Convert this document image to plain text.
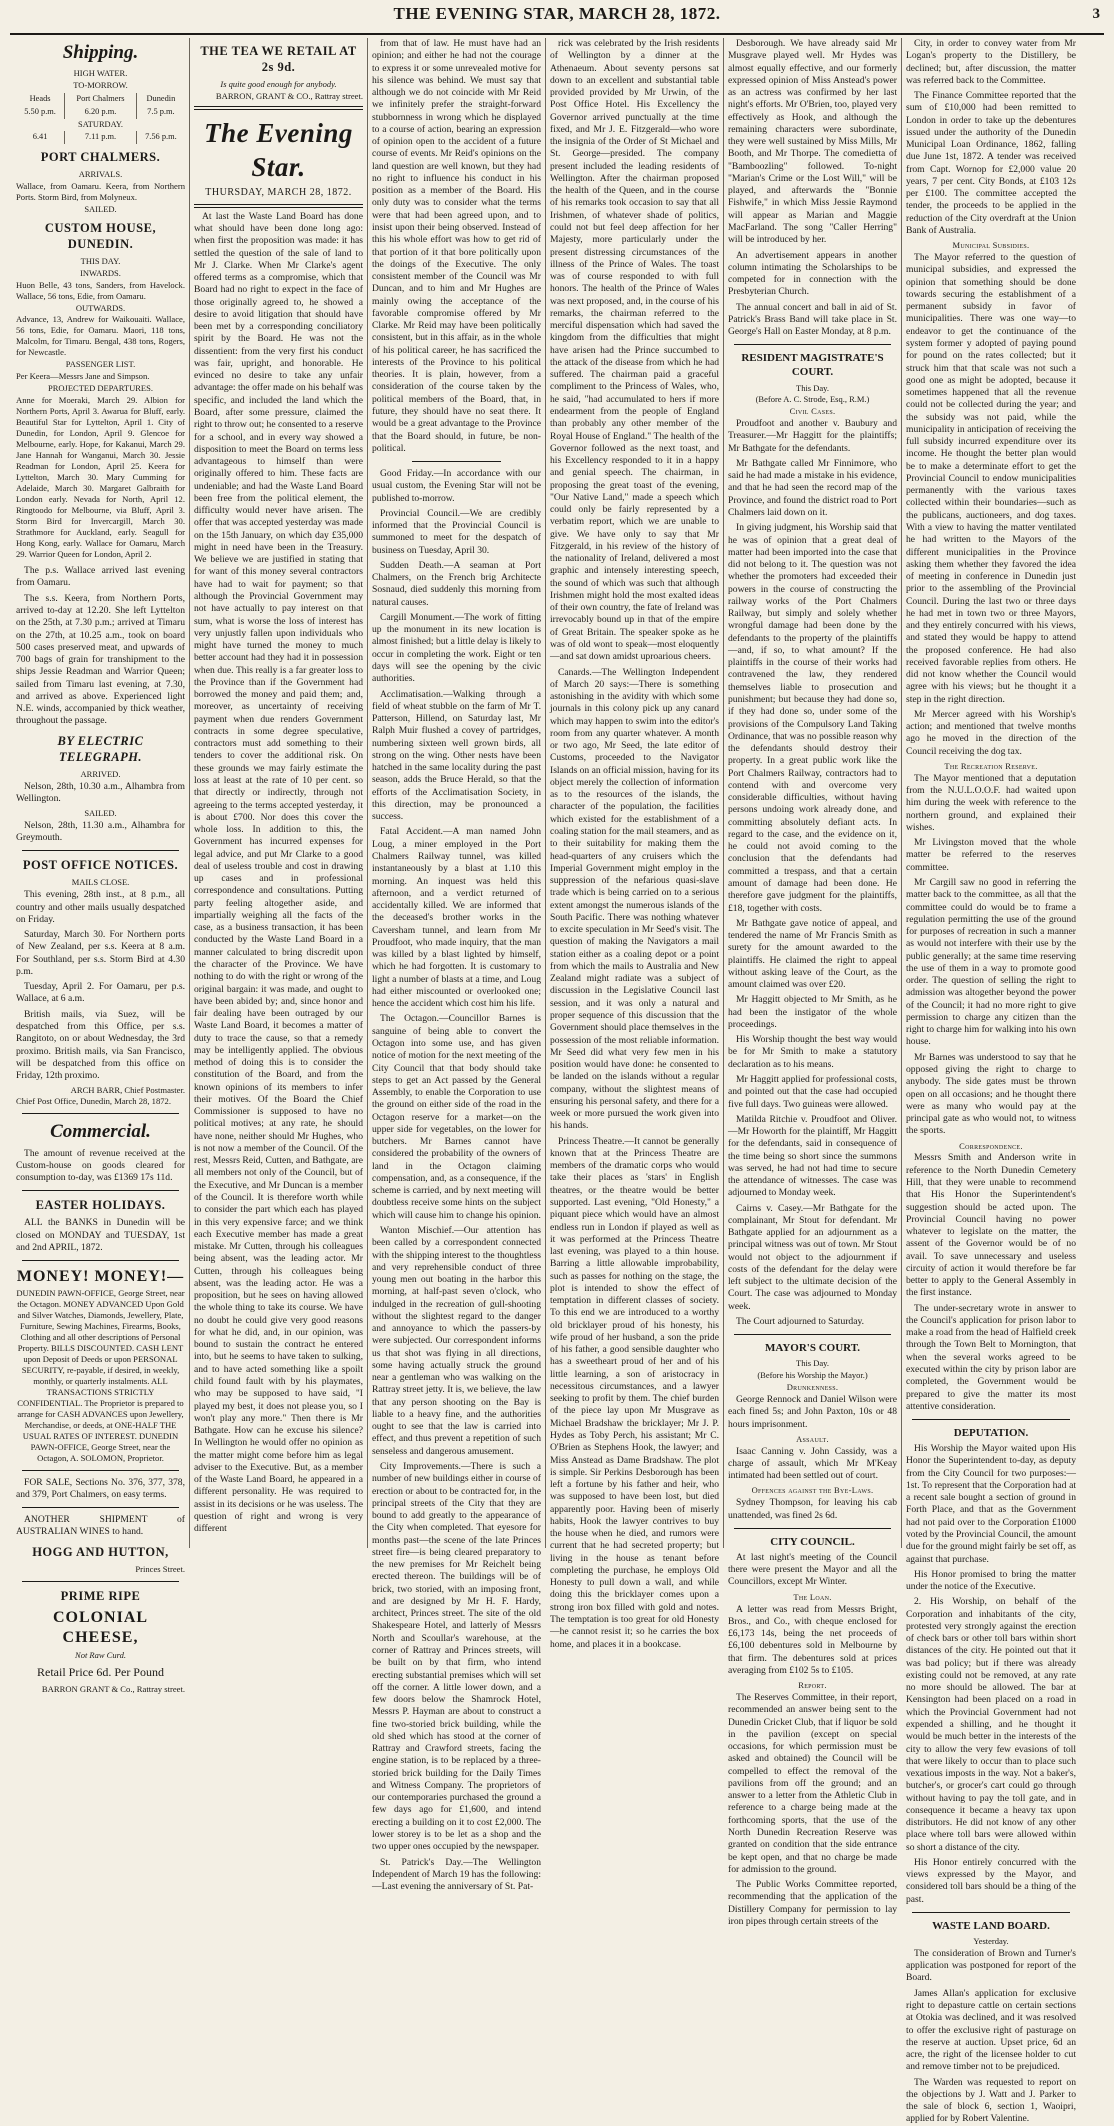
THE EVENING STAR, MARCH 28, 1872.	3
Shipping.
HIGH WATER.
TO-MORROW.
Heads	Port Chalmers	Dunedin
5.50 p.m.	6.20 p.m.	7.5 p.m.
SATURDAY.		
6.41	7.11 p.m.	7.56 p.m.
PORT CHALMERS.
ARRIVALS.
Wallace, from Oamaru. Keera, from Northern Ports. Storm Bird, from Molyneux.
SAILED.
CUSTOM HOUSE, DUNEDIN.
THIS DAY.
INWARDS.
Huon Belle, 43 tons, Sanders, from Havelock. Wallace, 56 tons, Edie, from Oamaru.
OUTWARDS.
Advance, 13, Andrew for Waikouaiti. Wallace, 56 tons, Edie, for Oamaru. Maori, 118 tons, Malcolm, for Timaru. Bengal, 438 tons, Rogers, for Newcastle.
PASSENGER LIST.
Per Keera—Messrs Jane and Simpson.
PROJECTED DEPARTURES.
Anne for Moeraki, March 29. Albion for Northern Ports, April 3. Awarua for Bluff, early. Beautiful Star for Lyttelton, April 1. City of Dunedin, for London, April 9. Glencoe for Melbourne, early. Hope, for Kakanui, March 29. Jane Hannah for Wanganui, March 30. Jessie Readman for London, April 25. Keera for Lyttelton, March 30. Mary Cumming for Adelaide, March 30. Margaret Galbraith for London early. Nevada for North, April 12. Ringtoodo for Melbourne, via Bluff, April 3. Storm Bird for Invercargill, March 30. Strathmore for Auckland, early. Seagull for Hong Kong, early. Wallace for Oamaru, March 29. Warrior Queen for London, April 2.

The p.s. Wallace arrived last evening from Oamaru.

The s.s. Keera, from Northern Ports, arrived to-day at 12.20. She left Lyttelton on the 25th, at 7.30 p.m.; arrived at Timaru on the 27th, at 10.25 a.m., took on board 500 cases preserved meat, and upwards of 700 bags of grain for transhipment to the ships Jessie Readman and Warrior Queen; sailed from Timaru last evening, at 7.30, and arrived as above. Experienced light N.E. winds, accompanied by thick weather, throughout the passage.

BY ELECTRIC TELEGRAPH.
ARRIVED.

Nelson, 28th, 10.30 a.m., Alhambra from Wellington.

SAILED.

Nelson, 28th, 11.30 a.m., Alhambra for Greymouth.

POST OFFICE NOTICES.
MAILS CLOSE.

This evening, 28th inst., at 8 p.m., all country and other mails usually despatched on Friday.

Saturday, March 30. For Northern ports of New Zealand, per s.s. Keera at 8 a.m. For Southland, per s.s. Storm Bird at 4.30 p.m.

Tuesday, April 2. For Oamaru, per p.s. Wallace, at 6 a.m.

British mails, via Suez, will be despatched from this Office, per s.s. Rangitoto, on or about Wednesday, the 3rd proximo. British mails, via San Francisco, will be despatched from this office on Friday, 12th proximo.

ARCH BARR, Chief Postmaster.
Chief Post Office, Dunedin, March 28, 1872.
Commercial.

The amount of revenue received at the Custom-house on goods cleared for consumption to-day, was £1369 17s 11d.

EASTER HOLIDAYS.

ALL the BANKS in Dunedin will be closed on MONDAY and TUESDAY, 1st and 2nd APRIL, 1872.

MONEY! MONEY!—
DUNEDIN PAWN-OFFICE, George Street, near the Octagon. MONEY ADVANCED Upon Gold and Silver Watches, Diamonds, Jewellery, Plate, Furniture, Sewing Machines, Firearms, Books, Clothing and all other descriptions of Personal Property. BILLS DISCOUNTED. CASH LENT upon Deposit of Deeds or upon PERSONAL SECURITY, re-payable, if desired, in weekly, monthly, or quarterly instalments. ALL TRANSACTIONS STRICTLY CONFIDENTIAL. The Proprietor is prepared to arrange for CASH ADVANCES upon Jewellery, Merchandise, or deeds, at ONE-HALF THE USUAL RATES OF INTEREST. DUNEDIN PAWN-OFFICE, George Street, near the Octagon, A. SOLOMON, Proprietor.

FOR SALE, Sections No. 376, 377, 378, and 379, Port Chalmers, on easy terms.

ANOTHER SHIPMENT of AUSTRALIAN WINES to hand.

HOGG AND HUTTON,
Princes Street.
PRIME RIPE
COLONIAL CHEESE,
Not Raw Curd.
Retail Price 6d. Per Pound
BARRON GRANT & Co., Rattray street.
THE TEA WE RETAIL AT 2s 9d.
Is quite good enough for anybody.
BARRON, GRANT & CO., Rattray street.
The Evening Star.
THURSDAY, MARCH 28, 1872.

At last the Waste Land Board has done what should have been done long ago: when first the proposition was made: it has settled the question of the sale of land to Mr J. Clarke. When Mr Clarke's agent offered terms as a compromise, which that Board had no right to expect in the face of those originally agreed to, he showed a desire to avoid litigation that should have been met by a corresponding conciliatory spirit by the Board. He was not the dissentient: from the very first his conduct was fair, upright, and honorable. He evinced no desire to take any unfair advantage: the offer made on his behalf was specific, and included the land which the Board, after some pressure, claimed the right to throw out; he consented to a reserve for a school, and in every way showed a disposition to meet the Board on terms less advantageous to himself than were originally offered to him. These facts are undeniable; and had the Waste Land Board been free from the political element, the difficulty would never have arisen. The offer that was accepted yesterday was made on the 15th January, on which day £35,000 might in need have been in the Treasury. We believe we are justified in stating that for want of this money several contractors have had to wait for payment; so that although the Provincial Government may not have actually to pay interest on that sum, what is worse the loss of interest has very unjustly fallen upon individuals who might have turned the money to much better account had they had it in possession when due. This really is a far greater loss to the Province than if the Government had borrowed the money and paid them; and, moreover, as uncertainty of receiving payment when due renders Government contracts in some degree speculative, contractors must add something to their tenders to cover the additional risk. On these grounds we may fairly estimate the loss at least at the rate of 10 per cent. so that directly or indirectly, through not agreeing to the terms accepted yesterday, it is about £700. Nor does this cover the whole loss. In addition to this, the Government has incurred expenses for legal advice, and put Mr Clarke to a good deal of useless trouble and cost in drawing up cases and in professional correspondence and consultations. Putting party feeling altogether aside, and impartially weighing all the facts of the case, as a business transaction, it has been conducted by the Waste Land Board in a manner calculated to bring discredit upon the character of the Province. We have nothing to do with the right or wrong of the original bargain: it was made, and ought to have been abided by; and, since honor and fair dealing have been outraged by our Waste Land Board, it becomes a matter of duty to trace the cause, so that a remedy may be intelligently applied. The obvious method of doing this is to consider the constitution of the Board, and from the known opinions of its members to infer their motives. Of the Board the Chief Commissioner is supposed to have no political motives; at any rate, he should have none, neither should Mr Hughes, who is not now a member of the Council. Of the rest, Messrs Reid, Cutten, and Bathgate, are all members not only of the Council, but of the Executive, and Mr Duncan is a member of the Council. It is therefore worth while to consider the part which each has played in this very expensive farce; and we think each Executive member has made a great mistake. Mr Cutten, through his colleagues being absent, was the leading actor. Mr Cutten, through his colleagues being absent, was the leading actor. He was a proposition, but he sees on having allowed the whole thing to take its course. We have no doubt he could give very good reasons for what he did, and, in our opinion, was bound to sustain the contract he entered into, but he seems to have taken to sulking, and to have acted something like a spoilt child found fault with by his playmates, who may be supposed to have said, "I played my best, it does not please you, so I won't play any more." Then there is Mr Bathgate. How can he excuse his silence? In Wellington he would offer no opinion as the matter might come before him as legal adviser to the Executive. But, as a member of the Waste Land Board, he appeared in a different personality. He was required to assist in its decisions or he was useless. The question of right and wrong is very different

from that of law. He must have had an opinion; and either he had not the courage to express it or some unrevealed motive for his silence was behind. We must say that although we do not coincide with Mr Reid we infinitely prefer the straight-forward stubbornness in wrong which he displayed to a course of action, bearing an expression of opinion open to the accident of a future course of events. Mr Reid's opinions on the land question are well known, but they had no right to influence his conduct in his position as a member of the Board. His only duty was to consider what the terms were that had been agreed upon, and to insist upon their being observed. Instead of this his whole effort was how to get rid of that portion of it that bore politically upon the doings of the Executive. The only consistent member of the Council was Mr Duncan, and to him and Mr Hughes are mainly owing the acceptance of the favorable compromise offered by Mr Clarke. Mr Reid may have been politically consistent, but in this affair, as in the whole of his political career, he has sacrificed the interests of the Province to his political theories. It is plain, however, from a consideration of the course taken by the political members of the Board, that, in future, they should have no seat there. It would be a great advantage to the Province that the Board should, in future, be non-political.

Good Friday.—In accordance with our usual custom, the Evening Star will not be published to-morrow.

Provincial Council.—We are credibly informed that the Provincial Council is summoned to meet for the despatch of business on Tuesday, April 30.

Sudden Death.—A seaman at Port Chalmers, on the French brig Architecte Sosnaud, died suddenly this morning from natural causes.

Cargill Monument.—The work of fitting up the monument in its new location is almost finished; but a little delay is likely to occur in completing the work. Eight or ten days will see the opening by the civic authorities.

Acclimatisation.—Walking through a field of wheat stubble on the farm of Mr T. Patterson, Hillend, on Saturday last, Mr Ralph Muir flushed a covey of partridges, numbering sixteen well grown birds, all strong on the wing. Other nests have been hatched in the same locality during the past season, adds the Bruce Herald, so that the efforts of the Acclimatisation Society, in this direction, may be pronounced a success.

Fatal Accident.—A man named John Loug, a miner employed in the Port Chalmers Railway tunnel, was killed instantaneously by a blast at 1.10 this morning. An inquest was held this afternoon, and a verdict returned of accidentally killed. We are informed that the deceased's brother works in the Caversham tunnel, and learn from Mr Proudfoot, who made inquiry, that the man was killed by a blast lighted by himself, which he had forgotten. It is customary to light a number of blasts at a time, and Loug had either miscounted or overlooked one; hence the accident which cost him his life.

The Octagon.—Councillor Barnes is sanguine of being able to convert the Octagon into some use, and has given notice of motion for the next meeting of the City Council that that body should take steps to get an Act passed by the General Assembly, to enable the Corporation to use the ground on either side of the road in the Octagon reserve for a market—on the upper side for vegetables, on the lower for butchers. Mr Barnes cannot have considered the probability of the owners of land in the Octagon claiming compensation, and, as a consequence, if the scheme is carried, and by next meeting will doubtless receive some hints on the subject which will cause him to change his opinion.

Wanton Mischief.—Our attention has been called by a correspondent connected with the shipping interest to the thoughtless and very reprehensible conduct of three young men out boating in the harbor this morning, at half-past seven o'clock, who indulged in the recreation of gull-shooting without the slightest regard to the danger and annoyance to which the passers-by were subjected. Our correspondent informs us that shot was flying in all directions, some having actually struck the ground near a gentleman who was walking on the Rattray street jetty. It is, we believe, the law that any person shooting on the Bay is liable to a heavy fine, and the authorities ought to see that the law is carried into effect, and thus prevent a repetition of such senseless and dangerous amusement.

City Improvements.—There is such a number of new buildings either in course of erection or about to be contracted for, in the principal streets of the City that they are bound to add greatly to the appearance of the City when completed. That eyesore for months past—the scene of the late Princes street fire—is being cleared preparatory to the new premises for Mr Reichelt being erected thereon. The buildings will be of brick, two storied, with an imposing front, and are designed by Mr H. F. Hardy, architect, Princes street. The site of the old Shakespeare Hotel, and latterly of Messrs North and Scoullar's warehouse, at the corner of Rattray and Princes streets, will be built on by that firm, who intend erecting substantial premises which will set off the corner. A little lower down, and a few doors below the Shamrock Hotel, Messrs P. Hayman are about to construct a fine two-storied brick building, while the old shed which has stood at the corner of Rattray and Crawford streets, facing the engine station, is to be replaced by a three-storied brick building for the Daily Times and Witness Company. The proprietors of our contemporaries purchased the ground a few days ago for £1,600, and intend erecting a building on it to cost £2,000. The lower storey is to be let as a shop and the two upper ones occupied by the newspaper.

St. Patrick's Day.—The Wellington Independent of March 19 has the following:—Last evening the anniversary of St. Pat-

rick was celebrated by the Irish residents of Wellington by a dinner at the Athenaeum. About seventy persons sat down to an excellent and substantial table provided provided by Mr Urwin, of the Post Office Hotel. His Excellency the Governor arrived punctually at the time fixed, and Mr J. E. Fitzgerald—who wore the insignia of the Order of St Michael and St. George—presided. The company present included the leading residents of Wellington. After the chairman proposed the health of the Queen, and in the course of his remarks took occasion to say that all Irishmen, of whatever shade of politics, could not but feel deep affection for her Majesty, more particularly under the present distressing circumstances of the illness of the Prince of Wales. The toast was of course responded to with full honors. The health of the Prince of Wales was next proposed, and, in the course of his remarks, the chairman referred to the merciful dispensation which had saved the kingdom from the difficulties that might have arisen had the Prince succumbed to the attack of the disease from which he had suffered. The chairman paid a graceful compliment to the Princess of Wales, who, he said, "had accumulated to hers if more endearment from the people of England than probably any other member of the Royal House of England." The health of the Governor followed as the next toast, and his Excellency responded to it in a happy and genial speech. The chairman, in proposing the great toast of the evening, "Our Native Land," made a speech which could only be fairly represented by a verbatim report, which we are unable to give. We have only to say that Mr Fitzgerald, in his review of the history of the nationality of Ireland, delivered a most graphic and intensely interesting speech, the sound of which was such that although Irishmen might hold the most exalted ideas of their own country, the fate of Ireland was irrevocably bound up in that of the empire of Great Britain. The speaker spoke as he was of old wont to speak—most eloquently—and sat down amidst uproarious cheers.

Canards.—The Wellington Independent of March 20 says:—There is something astonishing in the avidity with which some journals in this colony pick up any canard which may happen to swim into the editor's room from any quarter whatever. A month or two ago, Mr Seed, the late editor of Customs, proceeded to the Navigator Islands on an official mission, having for its object merely the collection of information as to the resources of the islands, the character of the population, the facilities which existed for the establishment of a coaling station for the mail steamers, and as to their suitability for making them the head-quarters of any cruisers which the Imperial Government might employ in the suppression of the nefarious quasi-slave trade which is being carried on to a serious extent amongst the numerous islands of the South Pacific. There was nothing whatever to excite speculation in Mr Seed's visit. The question of making the Navigators a mail station either as a coaling depot or a point from which the mails to Australia and New Zealand might radiate was a subject of discussion in the Legislative Council last session, and it was only a natural and proper sequence of this discussion that the Government should place themselves in the possession of the most reliable information. Mr Seed did what very few men in his position would have done: he consented to be landed on the islands without a regular company, without the slightest means of ensuring his personal safety, and there for a week or more pursued the work given into his hands.

Princess Theatre.—It cannot be generally known that at the Princess Theatre are members of the dramatic corps who would take their places as 'stars' in English theatres, or the theatre would be better supported. Last evening, "Old Honesty," a piquant piece which would have an almost endless run in London if played as well as it was performed at the Princess Theatre last evening, was played to a thin house. Barring a little allowable improbability, such as passes for nothing on the stage, the plot is intended to show the effect of temptation in different classes of society. To this end we are introduced to a worthy old bricklayer proud of his honesty, his wife proud of her husband, a son the pride of his father, a good sensible daughter who has a sweetheart proud of her and of his little learning, a son of aristocracy in necessitous circumstances, and a lawyer seeking to profit by them. The chief burden of the piece lay upon Mr Musgrave as Michael Bradshaw the bricklayer; Mr J. P. Hydes as Toby Perch, his assistant; Mr C. O'Brien as Stephens Hook, the lawyer; and Miss Anstead as Dame Bradshaw. The plot is simple. Sir Perkins Desborough has been left a fortune by his father and heir, who was supposed to have been lost, but died apparently poor. Having been of miserly habits, Hook the lawyer contrives to buy the house when he died, and rumors were current that he had secreted property; but living in the house as tenant before completing the purchase, he employs Old Honesty to pull down a wall, and while doing this the bricklayer comes upon a strong iron box filled with gold and notes. The temptation is too great for old Honesty—he cannot resist it; so he carries the box home, and places it in a bookcase.

Desborough. We have already said Mr Musgrave played well. Mr Hydes was almost equally effective, and our formerly expressed opinion of Miss Anstead's power as an actress was confirmed by her last night's efforts. Mr O'Brien, too, played very effectively as Hook, and although the remaining characters were subordinate, they were well sustained by Miss Mills, Mr Booth, and Mr Thorpe. The comedietta of "Bamboozling" followed. To-night "Marian's Crime or the Lost Will," will be played, and afterwards the "Bonnie Fishwife," in which Miss Jessie Raymond will appear as Marian and Maggie MacFarland. The song "Caller Herring" will be introduced by her.

An advertisement appears in another column intimating the Scholarships to be competed for in connection with the Presbyterian Church.

The annual concert and ball in aid of St. Patrick's Brass Band will take place in St. George's Hall on Easter Monday, at 8 p.m.

RESIDENT MAGISTRATE'S COURT.
This Day.
(Before A. C. Strode, Esq., R.M.)
Civil Cases.

Proudfoot and another v. Baubury and Treasurer.—Mr Haggitt for the plaintiffs; Mr Bathgate for the defendants.

Mr Bathgate called Mr Finnimore, who said he had made a mistake in his evidence, and that he had seen the record map of the Province, and found the district road to Port Chalmers laid down on it.

In giving judgment, his Worship said that he was of opinion that a great deal of matter had been imported into the case that did not belong to it. The question was not whether the promoters had exceeded their powers in the course of constructing the railway works of the Port Chalmers Railway, but simply and solely whether wrongful damage had been done by the defendants to the property of the plaintiffs—and, if so, to what amount? If the plaintiffs in the course of their works had contravened the law, they rendered themselves liable to prosecution and punishment; but because they had done so, if they had done so, under some of the provisions of the Compulsory Land Taking Ordinance, that was no possible reason why the defendants should destroy their property. In a great public work like the Port Chalmers Railway, contractors had to contend with and overcome very considerable difficulties, without having persons undoing work already done, and committing absolutely defiant acts. In regard to the case, and the evidence on it, he could not avoid coming to the conclusion that the defendants had committed a trespass, and that a certain amount of damage had been done. He therefore gave judgment for the plaintiffs, £18, together with costs.

Mr Bathgate gave notice of appeal, and tendered the name of Mr Francis Smith as surety for the amount awarded to the plaintiffs. He claimed the right to appeal without asking leave of the Court, as the amount claimed was over £20.

Mr Haggitt objected to Mr Smith, as he had been the instigator of the whole proceedings.

His Worship thought the best way would be for Mr Smith to make a statutory declaration as to his means.

Mr Haggitt applied for professional costs, and pointed out that the case had occupied five full days. Two guineas were allowed.

Matilda Ritchie v. Proudfoot and Oliver. —Mr Howorth for the plaintiff, Mr Haggitt for the defendants, said in consequence of the time being so short since the summons was served, he had not had time to secure the attendance of witnesses. The case was adjourned to Monday week.

Cairns v. Casey.—Mr Bathgate for the complainant, Mr Stout for defendant. Mr Bathgate applied for an adjournment as a principal witness was out of town. Mr Stout would not object to the adjournment if costs of the defendant for the delay were left subject to the ultimate decision of the Court. The case was adjourned to Monday week.

The Court adjourned to Saturday.

MAYOR'S COURT.
This Day.
(Before his Worship the Mayor.)
Drunkenness.

George Rennock and Daniel Wilson were each fined 5s; and John Paxton, 10s or 48 hours imprisonment.

Assault.

Isaac Canning v. John Cassidy, was a charge of assault, which Mr M'Keay intimated had been settled out of court.

Offences against the Bye-Laws.

Sydney Thompson, for leaving his cab unattended, was fined 2s 6d.

CITY COUNCIL.

At last night's meeting of the Council there were present the Mayor and all the Councillors, except Mr Winter.

The Loan.

A letter was read from Messrs Bright, Bros., and Co., with cheque enclosed for £6,173 14s, being the net proceeds of £6,100 debentures sold in Melbourne by that firm. The debentures sold at prices averaging from £102 5s to £105.

Report.

The Reserves Committee, in their report, recommended an answer being sent to the Dunedin Cricket Club, that if liquor be sold in the pavilion (except on special occasions, for which permission must be asked and obtained) the Council will be compelled to effect the removal of the pavilions from off the ground; and an answer to a letter from the Athletic Club in reference to a charge being made at the forthcoming sports, that the use of the North Dunedin Recreation Reserve was granted on condition that the side entrance be kept open, and that no charge be made for admission to the ground.

The Public Works Committee reported, recommending that the application of the Distillery Company for permission to lay iron pipes through certain streets of the

City, in order to convey water from Mr Logan's property to the Distillery, be declined; but, after discussion, the matter was referred back to the Committee.

The Finance Committee reported that the sum of £10,000 had been remitted to London in order to take up the debentures issued under the authority of the Dunedin Municipal Loan Ordinance, 1862, falling due June 1st, 1872. A tender was received from Capt. Wornop for £2,000 value 20 years, 7 per cent. City Bonds, at £103 12s per £100. The committee accepted the tender, the proceeds to be applied in the reduction of the City overdraft at the Union Bank of Australia.

Municipal Subsidies.

The Mayor referred to the question of municipal subsidies, and expressed the opinion that something should be done towards securing the establishment of a permanent subsidy in favor of municipalities. There was one way—to endeavor to get the continuance of the system former y adopted of paying pound for pound on the rates collected; but it struck him that that scale was not such a good one as might be adopted, because it sometimes happened that all the revenue could not be collected during the year; and the subsidy was not paid, while the municipality in anticipation of receiving the full subsidy incurred expenditure over its income. He thought the better plan would be to make a determinate effort to get the Provincial Council to endow municipalities permanently with the various taxes collected within their boundaries—such as the publicans, auctioneers, and dog taxes. With a view to having the matter ventilated he had written to the Mayors of the different municipalities in the Province asking them whether they favored the idea of meeting in conference in Dunedin just prior to the assembling of the Provincial Council. During the last two or three days he had met in town two or three Mayors, and they entirely concurred with his views, and stated they would be happy to attend the proposed conference. He had also received favorable replies from others. He did not know whether the Council would agree with his views; but he thought it a step in the right direction.

Mr Mercer agreed with his Worship's action; and mentioned that twelve months ago he moved in the direction of the Council receiving the dog tax.

The Recreation Reserve.

The Mayor mentioned that a deputation from the N.U.L.O.O.F. had waited upon him during the week with reference to the northern ground, and explained their wishes.

Mr Livingston moved that the whole matter be referred to the reserves committee.

Mr Cargill saw no good in referring the matter back to the committee, as all that the committee could do would be to frame a regulation permitting the use of the ground for purposes of recreation in such a manner as would not interfere with their use by the public generally; at the same time reserving the use of them in a way to promote good order. The question of selling the right to admission was altogether beyond the power of the Council; it had no more right to give permission to charge any citizen than the right to charge him for walking into his own house.

Mr Barnes was understood to say that he opposed giving the right to charge to anybody. The side gates must be thrown open on all occasions; and he thought there were as many who would pay at the principal gate as who would not, to witness the sports.

Correspondence.

Messrs Smith and Anderson write in reference to the North Dunedin Cemetery Hill, that they were unable to recommend that His Honor the Superintendent's suggestion should be acted upon. The Provincial Council having no power whatever to legislate on the matter, the assent of the Governor would be of no avail. To save unnecessary and useless circuity of action it would therefore be far better to apply to the General Assembly in the first instance.

The under-secretary wrote in answer to the Council's application for prison labor to make a road from the head of Halfield creek through the Town Belt to Mornington, that when the several works agreed to be executed within the city by prison labor are completed, the Government would be prepared to give the matter its most attentive consideration.

DEPUTATION.

His Worship the Mayor waited upon His Honor the Superintendent to-day, as deputy from the City Council for two purposes:—1st. To represent that the Corporation had at a recent sale bought a section of ground in Forth Place, and that as the Government had not paid over to the Corporation £1000 voted by the Provincial Council, the amount due for the ground might fairly be set off, as against that purchase.

His Honor promised to bring the matter under the notice of the Executive.

2. His Worship, on behalf of the Corporation and inhabitants of the city, protested very strongly against the erection of check bars or other toll bars within short distances of the city. He pointed out that it was bad policy; but if there was already existing could not be removed, at any rate no more should be allowed. The bar at Kensington had been placed on a road in which the Provincial Government had not expended a shilling, and he thought it would be much better in the interests of the city to allow the very few evasions of toll that were likely to occur than to place such vexatious imposts in the way. Not a baker's, butcher's, or grocer's cart could go through without having to pay the toll gate, and in consequence it became a heavy tax upon distributors. He did not know of any other place where toll bars were allowed within so short a distance of the city.

His Honor entirely concurred with the views expressed by the Mayor, and considered toll bars should be a thing of the past.

WASTE LAND BOARD.
Yesterday.

The consideration of Brown and Turner's application was postponed for report of the Board.

James Allan's application for exclusive right to depasture cattle on certain sections at Otokia was declined, and it was resolved to offer the exclusive right of pasturage on the reserve at auction. Upset price, 6d an acre, the right of the licensee holder to cut and remove timber not to be prejudiced.

The Warden was requested to report on the objections by J. Watt and J. Parker to the sale of block 6, section 1, Waoipri, applied for by Robert Valentine.
